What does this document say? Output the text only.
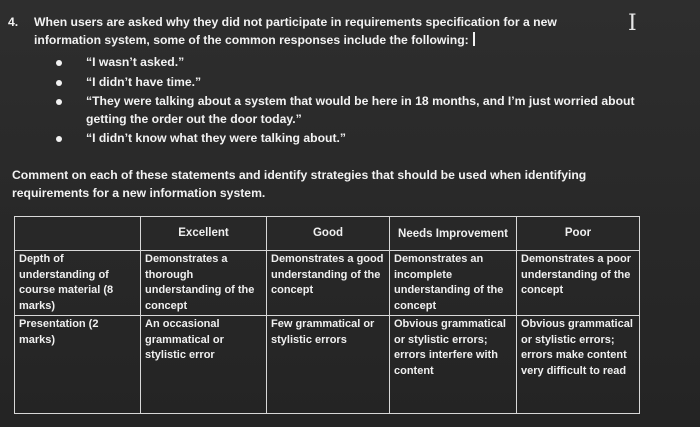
4. When users are asked why they did not participate in requirements specification for a new information system, some of the common responses include the following:
I
“I wasn’t asked.”
“I didn’t have time.”
“They were talking about a system that would be here in 18 months, and I’m just worried about getting the order out the door today.”
“I didn’t know what they were talking about.”
Comment on each of these statements and identify strategies that should be used when identifying requirements for a new information system.
	Excellent	Good	Needs Improvement	Poor
Depth of understanding of course material (8 marks)	Demonstrates a thorough understanding of the concept	Demonstrates a good understanding of the concept	Demonstrates an incomplete understanding of the concept	Demonstrates a poor understanding of the concept
Presentation (2 marks)	An occasional grammatical or stylistic error	Few grammatical or stylistic errors	Obvious grammatical or stylistic errors; errors interfere with content	Obvious grammatical or stylistic errors; errors make content very difficult to read
